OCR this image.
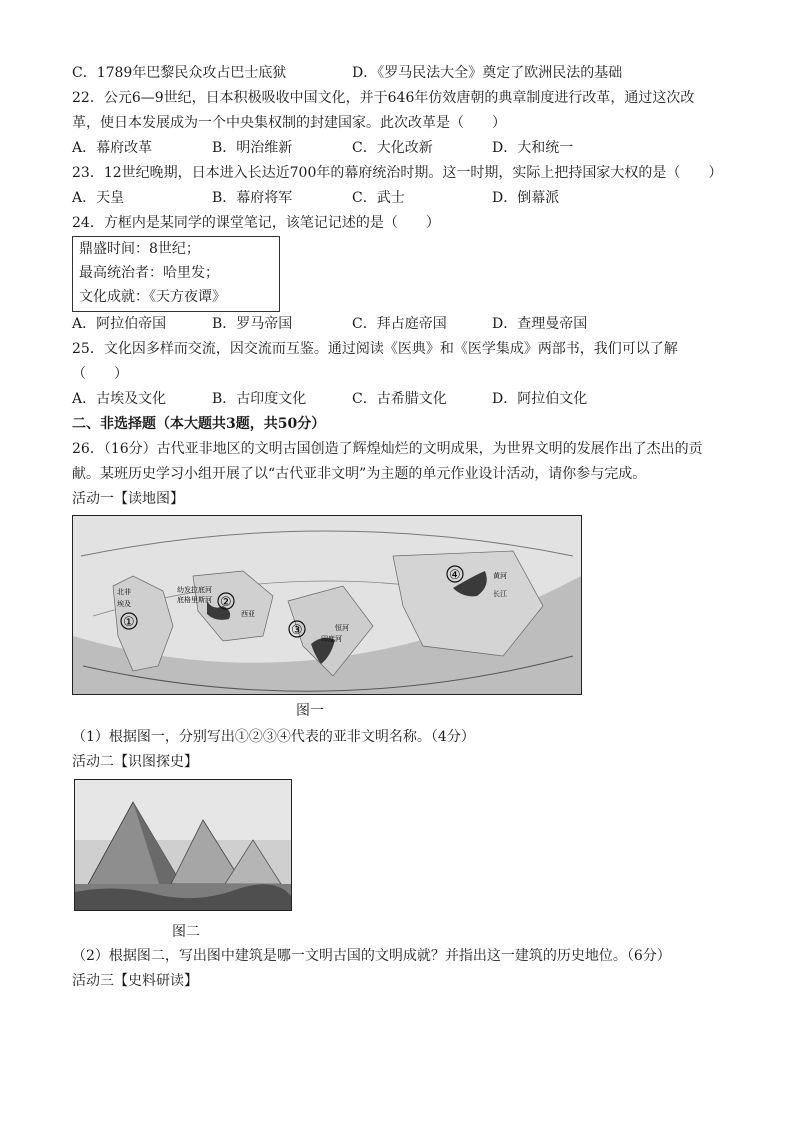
C．1789年巴黎民众攻占巴士底狱	D．《罗马民法大全》奠定了欧洲民法的基础
22．公元6—9世纪，日本积极吸收中国文化，并于646年仿效唐朝的典章制度进行改革，通过这次改
革，使日本发展成为一个中央集权制的封建国家。此次改革是（　　）
A．幕府改革	B．明治维新	C．大化改新	D．大和统一
23．12世纪晚期，日本进入长达近700年的幕府统治时期。这一时期，实际上把持国家大权的是（　　）
A．天皇	B．幕府将军	C．武士	D．倒幕派
24．方框内是某同学的课堂笔记，该笔记记述的是（　　）
鼎盛时间：8世纪；
最高统治者：哈里发；
文化成就：《天方夜谭》
A．阿拉伯帝国	B．罗马帝国	C．拜占庭帝国	D．查理曼帝国
25．文化因多样而交流，因交流而互鉴。通过阅读《医典》和《医学集成》两部书，我们可以了解
（　　）
A．古埃及文化	B．古印度文化	C．古希腊文化	D．阿拉伯文化
二、非选择题（本大题共3题，共50分）
26．（16分）古代亚非地区的文明古国创造了辉煌灿烂的文明成果，为世界文明的发展作出了杰出的贡
献。某班历史学习小组开展了以“古代亚非文明”为主题的单元作业设计活动，请你参与完成。
活动一【读地图】
①
②
③
④
北非
埃及
西亚
幼发拉底河
底格里斯河
恒河
印度河
黄河
长江
图一
（1）根据图一，分别写出①②③④代表的亚非文明名称。（4分）
活动二【识图探史】
图二
（2）根据图二，写出图中建筑是哪一文明古国的文明成就？并指出这一建筑的历史地位。（6分）
活动三【史料研读】
